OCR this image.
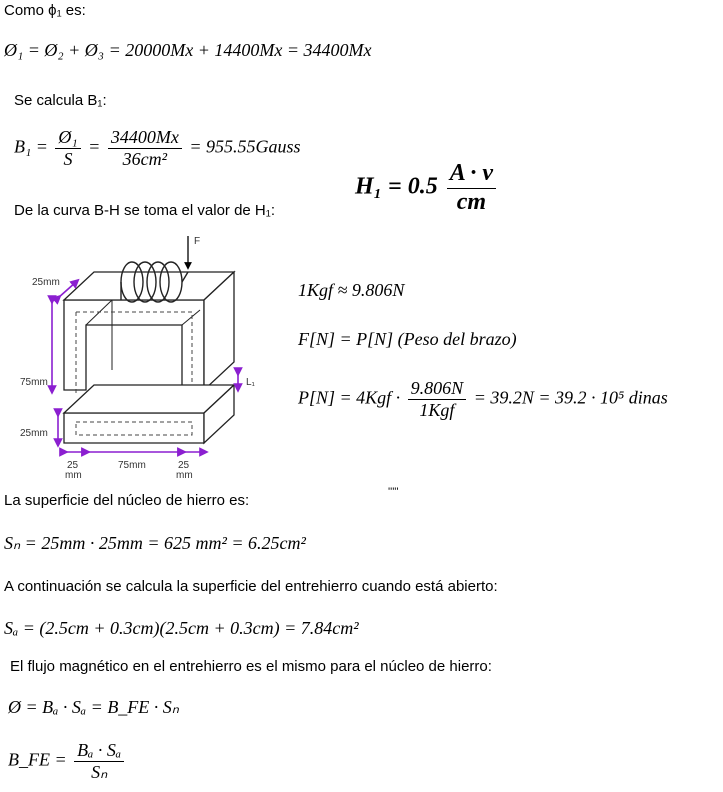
Como ϕ₁ es:
Ø₁ = Ø₂ + Ø₃ = 20000Mx + 14400Mx = 34400Mx
Se calcula B₁:
$B_1 = \frac{\text{Ø₁}}{S} = \frac{34400Mx}{\text{36cm²}}$ = 955.55Gauss
$H_1 = 0.5 \frac{A \cdot v}{cm}$
De la curva B-H se toma el valor de H₁:
1Kgf ≈ 9.806N
F[N] = P[N] (Peso del brazo)
$P[N] = 4Kgf \cdot \frac{9.806N}{\text{1Kgf}} = 39.2N = 39.2 \cdot 10^5$ dinas
F
25mm
75mm
25mm
L₁
25
mm
75mm	25
mm
La superficie del núcleo de hierro es:	'''''
Sₙ = 25mm · 25mm = 625 mm² = 6.25cm²
A continuación se calcula la superficie del entrehierro cuando está abierto:
Sₐ = (2.5cm + 0.3cm)(2.5cm + 0.3cm) = 7.84cm²
El flujo magnético en el entrehierro es el mismo para el núcleo de hierro:
Ø = Bₐ · Sₐ = B_FE · Sₙ
B_FE = $\frac{\text{Bₐ · Sₐ}}{\text{Sₙ}}$
